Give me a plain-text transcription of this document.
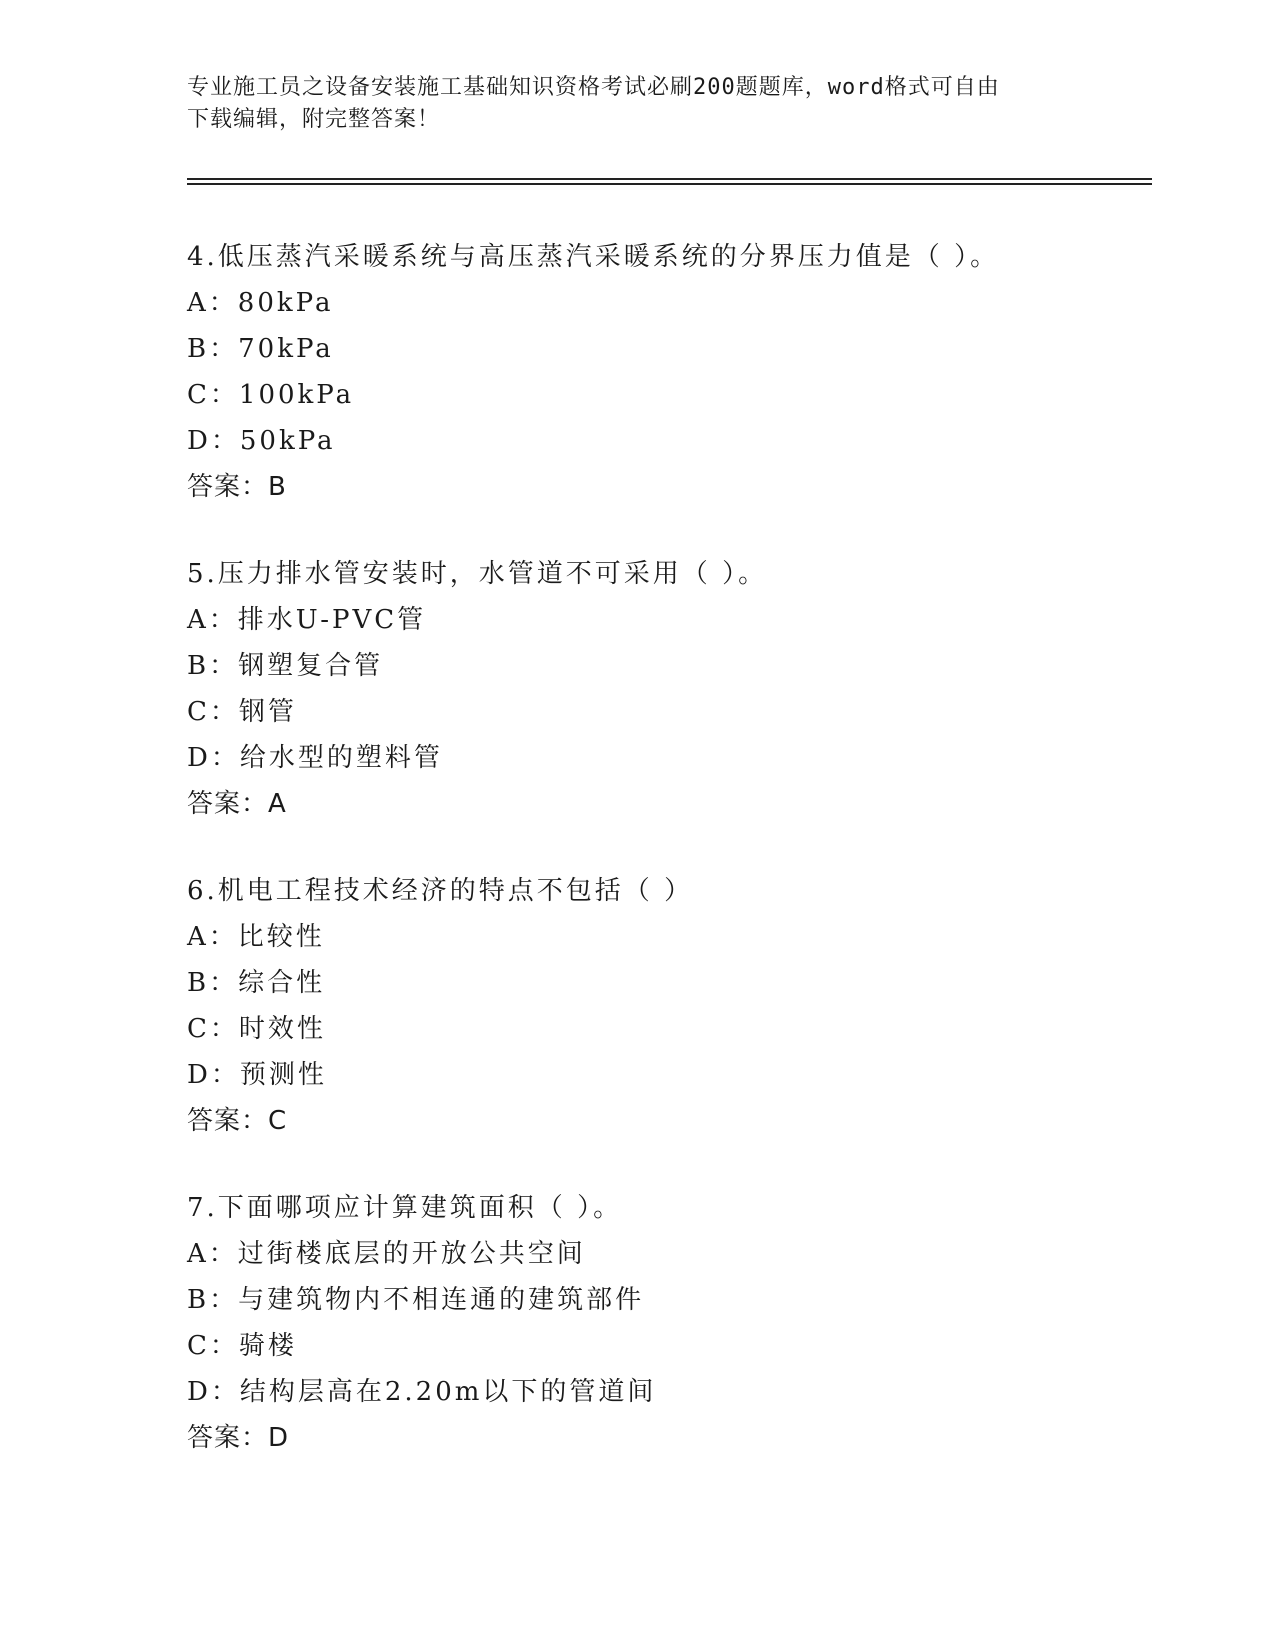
专业施工员之设备安装施工基础知识资格考试必刷200题题库，word格式可自由
下载编辑，附完整答案！
4.低压蒸汽采暖系统与高压蒸汽采暖系统的分界压力值是（ ）。
A：80kPa
B：70kPa
C：100kPa
D：50kPa
答案：B
5.压力排水管安装时，水管道不可采用（ ）。
A：排水U-PVC管
B：钢塑复合管
C：钢管
D：给水型的塑料管
答案：A
6.机电工程技术经济的特点不包括（ ）
A：比较性
B：综合性
C：时效性
D：预测性
答案：C
7.下面哪项应计算建筑面积（ ）。
A：过街楼底层的开放公共空间
B：与建筑物内不相连通的建筑部件
C：骑楼
D：结构层高在2.20m以下的管道间
答案：D
